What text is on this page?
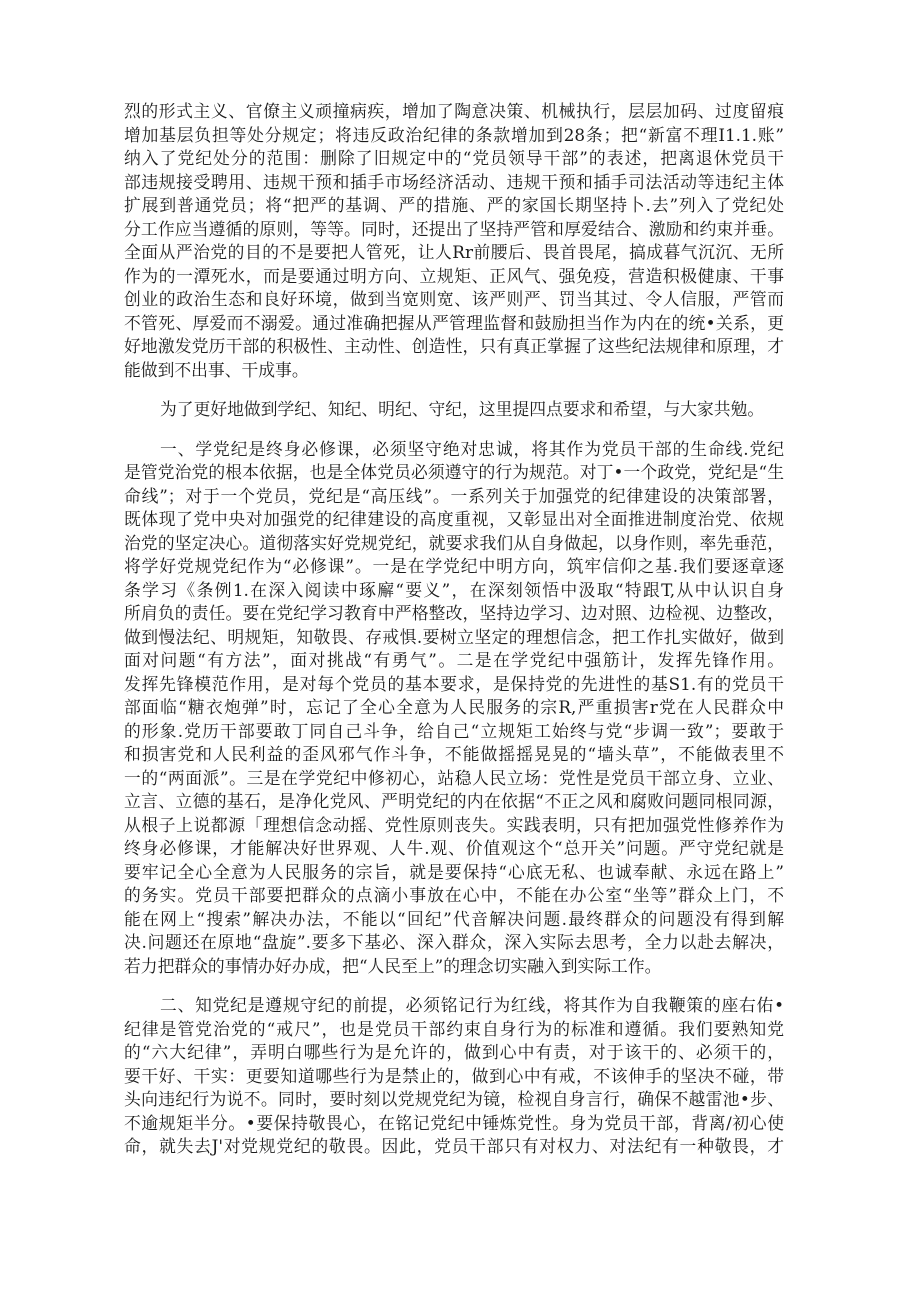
烈的形式主义、官僚主义顽撞病疾，增加了陶意决策、机械执行，层层加码、过度留痕
增加基层负担等处分规定；将违反政治纪律的条款增加到28条；把“新富不理I1.1.账”
纳入了党纪处分的范围：删除了旧规定中的“党员领导干部”的表述，把离退休党员干
部违规接受聘用、违规干预和插手市场经济活动、违规干预和插手司法活动等违纪主体
扩展到普通党员；将“把严的基调、严的措施、严的家国长期坚持卜.去”列入了党纪处
分工作应当遵循的原则，等等。同时，还提出了坚持严管和厚爱结合、激励和约束并垂。
全面从严治党的目的不是要把人管死，让人Rr前腰后、畏首畏尾，搞成暮气沉沉、无所
作为的一潭死水，而是要通过明方向、立规矩、正风气、强免疫，营造积极健康、干事
创业的政治生态和良好环境，做到当宽则宽、该严则严、罚当其过、令人信服，严管而
不管死、厚爱而不溺爱。通过准确把握从严管理监督和鼓励担当作为内在的统•关系，更
好地激发党历干部的积极性、主动性、创造性，只有真正掌握了这些纪法规律和原理，才
能做到不出事、干成事。
为了更好地做到学纪、知纪、明纪、守纪，这里提四点要求和希望，与大家共勉。
一、学党纪是终身必修课，必须坚守绝对忠诚，将其作为党员干部的生命线.党纪
是管党治党的根本依据，也是全体党员必须遵守的行为规范。对丁•一个政党，党纪是“生
命线”；对于一个党员，党纪是“高压线”。一系列关于加强党的纪律建设的决策部署，
既体现了党中央对加强党的纪律建设的高度重视，又彰显出对全面推进制度治党、依规
治党的坚定决心。道彻落实好党规党纪，就要求我们从自身做起，以身作则，率先垂范，
将学好党规党纪作为“必修课”。一是在学党纪中明方向，筑牢信仰之基.我们要逐章逐
条学习《条例1.在深入阅读中琢廨“要义”，在深刻领悟中汲取“特跟T,从中认识自身
所肩负的责任。要在党纪学习教育中严格整改，坚持边学习、边对照、边检视、边整改，
做到慢法纪、明规矩，知敬畏、存戒惧.要树立坚定的理想信念，把工作扎实做好，做到
面对问题“有方法”，面对挑战“有勇气”。二是在学党纪中强筋计，发挥先锋作用。
发挥先锋模范作用，是对每个党员的基本要求，是保持党的先进性的基S1.有的党员干
部面临“糖衣炮弹”时，忘记了全心全意为人民服务的宗R,严重损害r党在人民群众中
的形象.党历干部要敢丁同自己斗争，给自己“立规矩工始终与党“步调一致”；要敢于
和损害党和人民利益的歪风邪气作斗争，不能做摇摇晃晃的“墙头草”，不能做表里不
一的“两面派”。三是在学党纪中修初心，站稳人民立场：党性是党员干部立身、立业、
立言、立德的基石，是净化党风、严明党纪的内在依据“不正之风和腐败问题同根同源，
从根子上说都源「理想信念动摇、党性原则丧失。实践表明，只有把加强党性修养作为
终身必修课，才能解决好世界观、人牛.观、价值观这个“总开关”问题。严守党纪就是
要牢记全心全意为人民服务的宗旨，就是要保持“心底无私、也诚奉献、永远在路上”
的务实。党员干部要把群众的点滴小事放在心中，不能在办公室“坐等”群众上门，不
能在网上“搜索”解决办法，不能以“回纪”代音解决问题.最终群众的问题没有得到解
决.问题还在原地“盘旋”.要多下基必、深入群众，深入实际去思考，全力以赴去解决，
若力把群众的事情办好办成，把“人民至上”的理念切实融入到实际工作。
二、知党纪是遵规守纪的前提，必须铭记行为红线，将其作为自我鞭策的座右佑•
纪律是管党治党的“戒尺”，也是党员干部约束自身行为的标准和遵循。我们要熟知党
的“六大纪律”，弄明白哪些行为是允许的，做到心中有责，对于该干的、必须干的，
要干好、干实：更要知道哪些行为是禁止的，做到心中有戒，不该伸手的坚决不碰，带
头向违纪行为说不。同时，要时刻以党规党纪为镜，检视自身言行，确保不越雷池•步、
不逾规矩半分。•要保持敬畏心，在铭记党纪中锤炼党性。身为党员干部，背离/初心使
命，就失去J'对党规党纪的敬畏。因此，党员干部只有对权力、对法纪有一种敬畏，才
